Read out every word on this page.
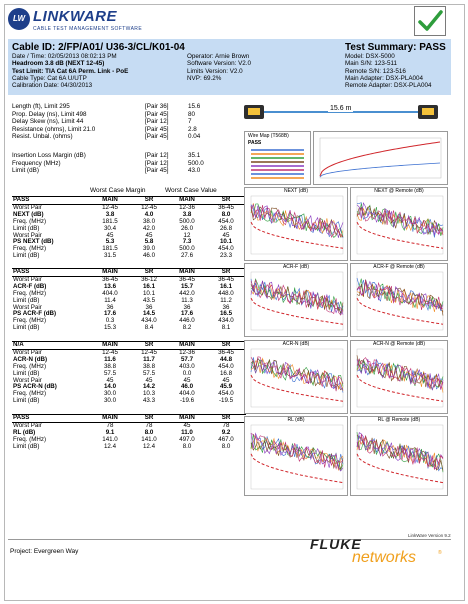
LW LINKWARE
CABLE TEST MANAGEMENT SOFTWARE
Cable ID: 2/FP/A01/ U36-3/CL/K01-04	Test Summary: PASS
Date / Time: 02/05/2013 08:02:13 PM
Headroom 3.8 dB (NEXT 12-45)
Test Limit: TIA Cat 6A Perm. Link - PoE
Cable Type: Cat 6A U/UTP
Calibration Date: 04/30/2013
Operator: Arnie Brown
Software Version: V2.0
Limits Version: V2.0
NVP: 69.2%
Model: DSX-5000
Main S/N: 123-511
Remote S/N: 123-516
Main Adapter: DSX-PLA004
Remote Adapter: DSX-PLA004
Length (ft), Limit 295	[Pair 36]	15.6
Prop. Delay (ns), Limit 498	[Pair 45]	80
Delay Skew (ns), Limit 44	[Pair 12]	7
Resistance (ohms), Limit 21.0	[Pair 45]	2.8
Resist. Unbal. (ohms)	[Pair 45]	0.04
Insertion Loss Margin (dB)	[Pair 12]	35.1
Frequency (MHz)	[Pair 12]	500.0
Limit (dB)	[Pair 45]	43.0
15.6 m
Wire Map (T568B)
PASS
Worst Case Margin	Worst Case Value
PASS	MAIN	SR	MAIN	SR
Worst Pair	12-45	12-45	12-36	36-45
NEXT (dB)	3.8	4.0	3.8	8.0
Freq. (MHz)	181.5	38.0	500.0	454.0
Limit (dB)	30.4	42.0	26.0	26.8
Worst Pair	45	45	12	45
PS NEXT (dB)	5.3	5.8	7.3	10.1
Freq. (MHz)	181.5	39.0	500.0	454.0
Limit (dB)	31.5	46.0	27.6	23.3
PASS	MAIN	SR	MAIN	SR
Worst Pair	36-45	36-12	36-45	36-45
ACR-F (dB)	13.6	16.1	15.7	16.1
Freq. (MHz)	404.0	10.1	442.0	448.0
Limit (dB)	11.4	43.5	11.3	11.2
Worst Pair	36	36	36	36
PS ACR-F (dB)	17.6	14.5	17.6	16.5
Freq. (MHz)	0.3	434.0	446.0	434.0
Limit (dB)	15.3	8.4	8.2	8.1
N/A	MAIN	SR	MAIN	SR
Worst Pair	12-45	12-45	12-36	36-45
ACR-N (dB)	11.6	11.7	57.7	44.8
Freq. (MHz)	38.8	38.8	403.0	454.0
Limit (dB)	57.5	57.5	0.0	16.8
Worst Pair	45	45	45	45
PS ACR-N (dB)	14.0	14.2	46.0	45.9
Freq. (MHz)	30.0	10.3	404.0	454.0
Limit (dB)	30.0	43.3	-19.6	-19.5
PASS	MAIN	SR	MAIN	SR
Worst Pair	78	78	45	78
RL (dB)	9.1	8.0	11.0	9.2
Freq. (MHz)	141.0	141.0	497.0	467.0
Limit (dB)	12.4	12.4	8.0	8.0
NEXT (dB)	NEXT @ Remote (dB)
ACR-F (dB)	ACR-F @ Remote (dB)
ACR-N (dB)	ACR-N @ Remote (dB)
RL (dB)	RL @ Remote (dB)
LinkWare Version 9.2
Project: Evergreen Way	FLUKE
networks	®
